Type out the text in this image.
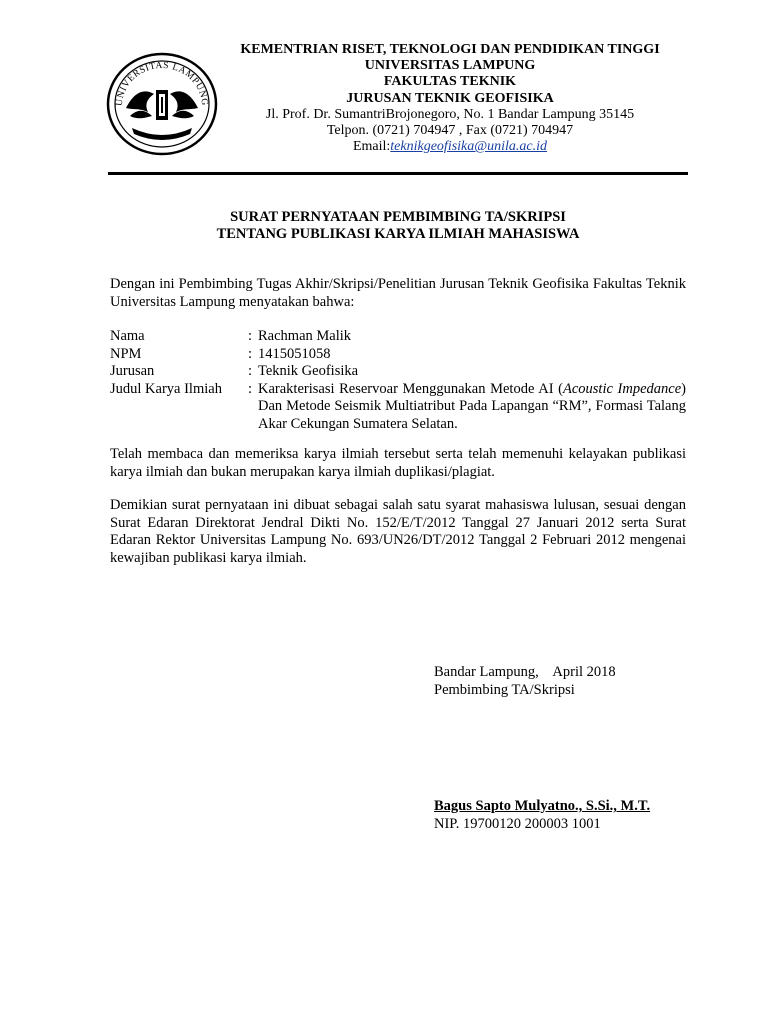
UNIVERSITAS LAMPUNG
KEMENTRIAN RISET, TEKNOLOGI DAN PENDIDIKAN TINGGI
UNIVERSITAS LAMPUNG
FAKULTAS TEKNIK
JURUSAN TEKNIK GEOFISIKA
Jl. Prof. Dr. SumantriBrojonegoro, No. 1 Bandar Lampung 35145
Telpon. (0721) 704947 , Fax (0721) 704947
Email:teknikgeofisika@unila.ac.id
SURAT PERNYATAAN PEMBIMBING TA/SKRIPSI
TENTANG PUBLIKASI KARYA ILMIAH MAHASISWA
Dengan ini Pembimbing Tugas Akhir/Skripsi/Penelitian Jurusan Teknik Geofisika Fakultas Teknik Universitas Lampung menyatakan bahwa:
Nama	: Rachman Malik
NPM	: 1415051058
Jurusan	: Teknik Geofisika
Judul Karya Ilmiah	: Karakterisasi Reservoar Menggunakan Metode AI (Acoustic Impedance) Dan Metode Seismik Multiatribut Pada Lapangan “RM”, Formasi Talang Akar Cekungan Sumatera Selatan.
Telah membaca dan memeriksa karya ilmiah tersebut serta telah memenuhi kelayakan publikasi karya ilmiah dan bukan merupakan karya ilmiah duplikasi/plagiat.
Demikian surat pernyataan ini dibuat sebagai salah satu syarat mahasiswa lulusan, sesuai dengan Surat Edaran Direktorat Jendral Dikti No. 152/E/T/2012 Tanggal 27 Januari 2012 serta Surat Edaran Rektor Universitas Lampung No. 693/UN26/DT/2012 Tanggal 2 Februari 2012 mengenai kewajiban publikasi karya ilmiah.
Bandar Lampung,    April 2018
Pembimbing TA/Skripsi
Bagus Sapto Mulyatno., S.Si., M.T.
NIP. 19700120 200003 1001
